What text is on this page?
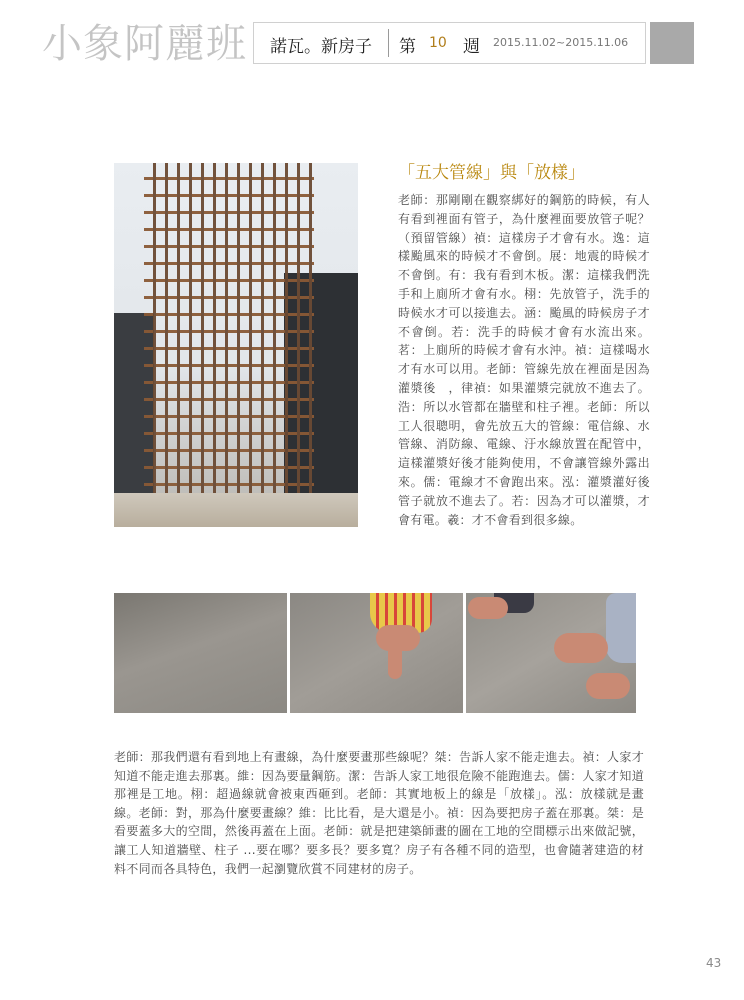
小象阿麗班 諾瓦。新房子 第 10 週 2015.11.02~2015.11.06
「五大管線」與「放樣」
老師：那剛剛在觀察綁好的鋼筋的時候，有人有看到裡面有管子，為什麼裡面要放管子呢？（預留管線）禎：這樣房子才會有水。逸：這樣颱風來的時候才不會倒。展：地震的時候才不會倒。有：我有看到木板。潔：這樣我們洗手和上廁所才會有水。栩：先放管子，洗手的時候水才可以接進去。涵：颱風的時候房子才不會倒。若：洗手的時候才會有水流出來。茗：上廁所的時候才會有水沖。禎：這樣喝水才有水可以用。老師：管線先放在裡面是因為灌漿後　，律禎：如果灌漿完就放不進去了。浩：所以水管都在牆壁和柱子裡。老師：所以工人很聰明，會先放五大的管線：電信線、水管線、消防線、電線、汙水線放置在配管中，這樣灌漿好後才能夠使用，不會讓管線外露出來。儒：電線才不會跑出來。泓：灌漿灌好後管子就放不進去了。若：因為才可以灌漿，才會有電。羲：才不會看到很多線。
老師：那我們還有看到地上有畫線，為什麼要畫那些線呢？桀：告訴人家不能走進去。禎：人家才知道不能走進去那裏。維：因為要量鋼筋。潔：告訴人家工地很危險不能跑進去。儒：人家才知道那裡是工地。栩：超過線就會被東西砸到。老師：其實地板上的線是「放樣」。泓：放樣就是畫線。老師：對，那為什麼要畫線？維：比比看，是大還是小。禎：因為要把房子蓋在那裏。桀：是看要蓋多大的空間，然後再蓋在上面。老師：就是把建築師畫的圖在工地的空間標示出來做記號，讓工人知道牆壁、柱子 ...要在哪？要多長？要多寬？房子有各種不同的造型，也會隨著建造的材料不同而各具特色，我們一起瀏覽欣賞不同建材的房子。
43
